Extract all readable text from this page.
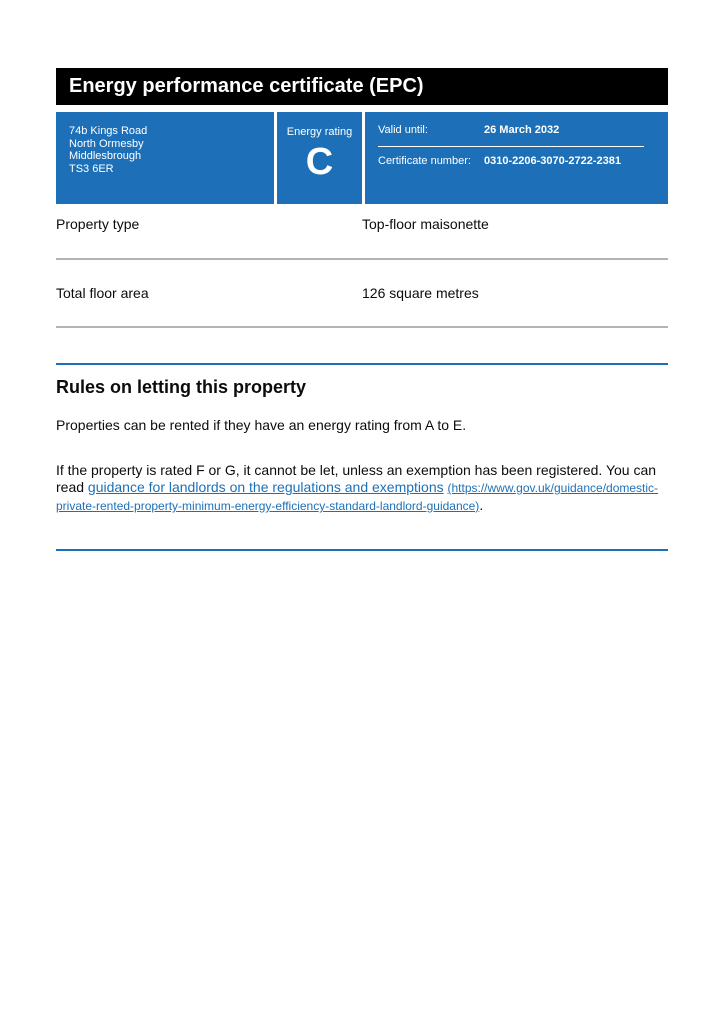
Energy performance certificate (EPC)
74b Kings Road
North Ormesby
Middlesbrough
TS3 6ER
Energy rating
C
Valid until:	26 March 2032
Certificate number: 0310-2206-3070-2722-2381
Property type	Top-floor maisonette
Total floor area	126 square metres
Rules on letting this property
Properties can be rented if they have an energy rating from A to E.
If the property is rated F or G, it cannot be let, unless an exemption has been registered. You can read guidance for landlords on the regulations and exemptions (https://www.gov.uk/guidance/domestic-private-rented-property-minimum-energy-efficiency-standard-landlord-guidance).
